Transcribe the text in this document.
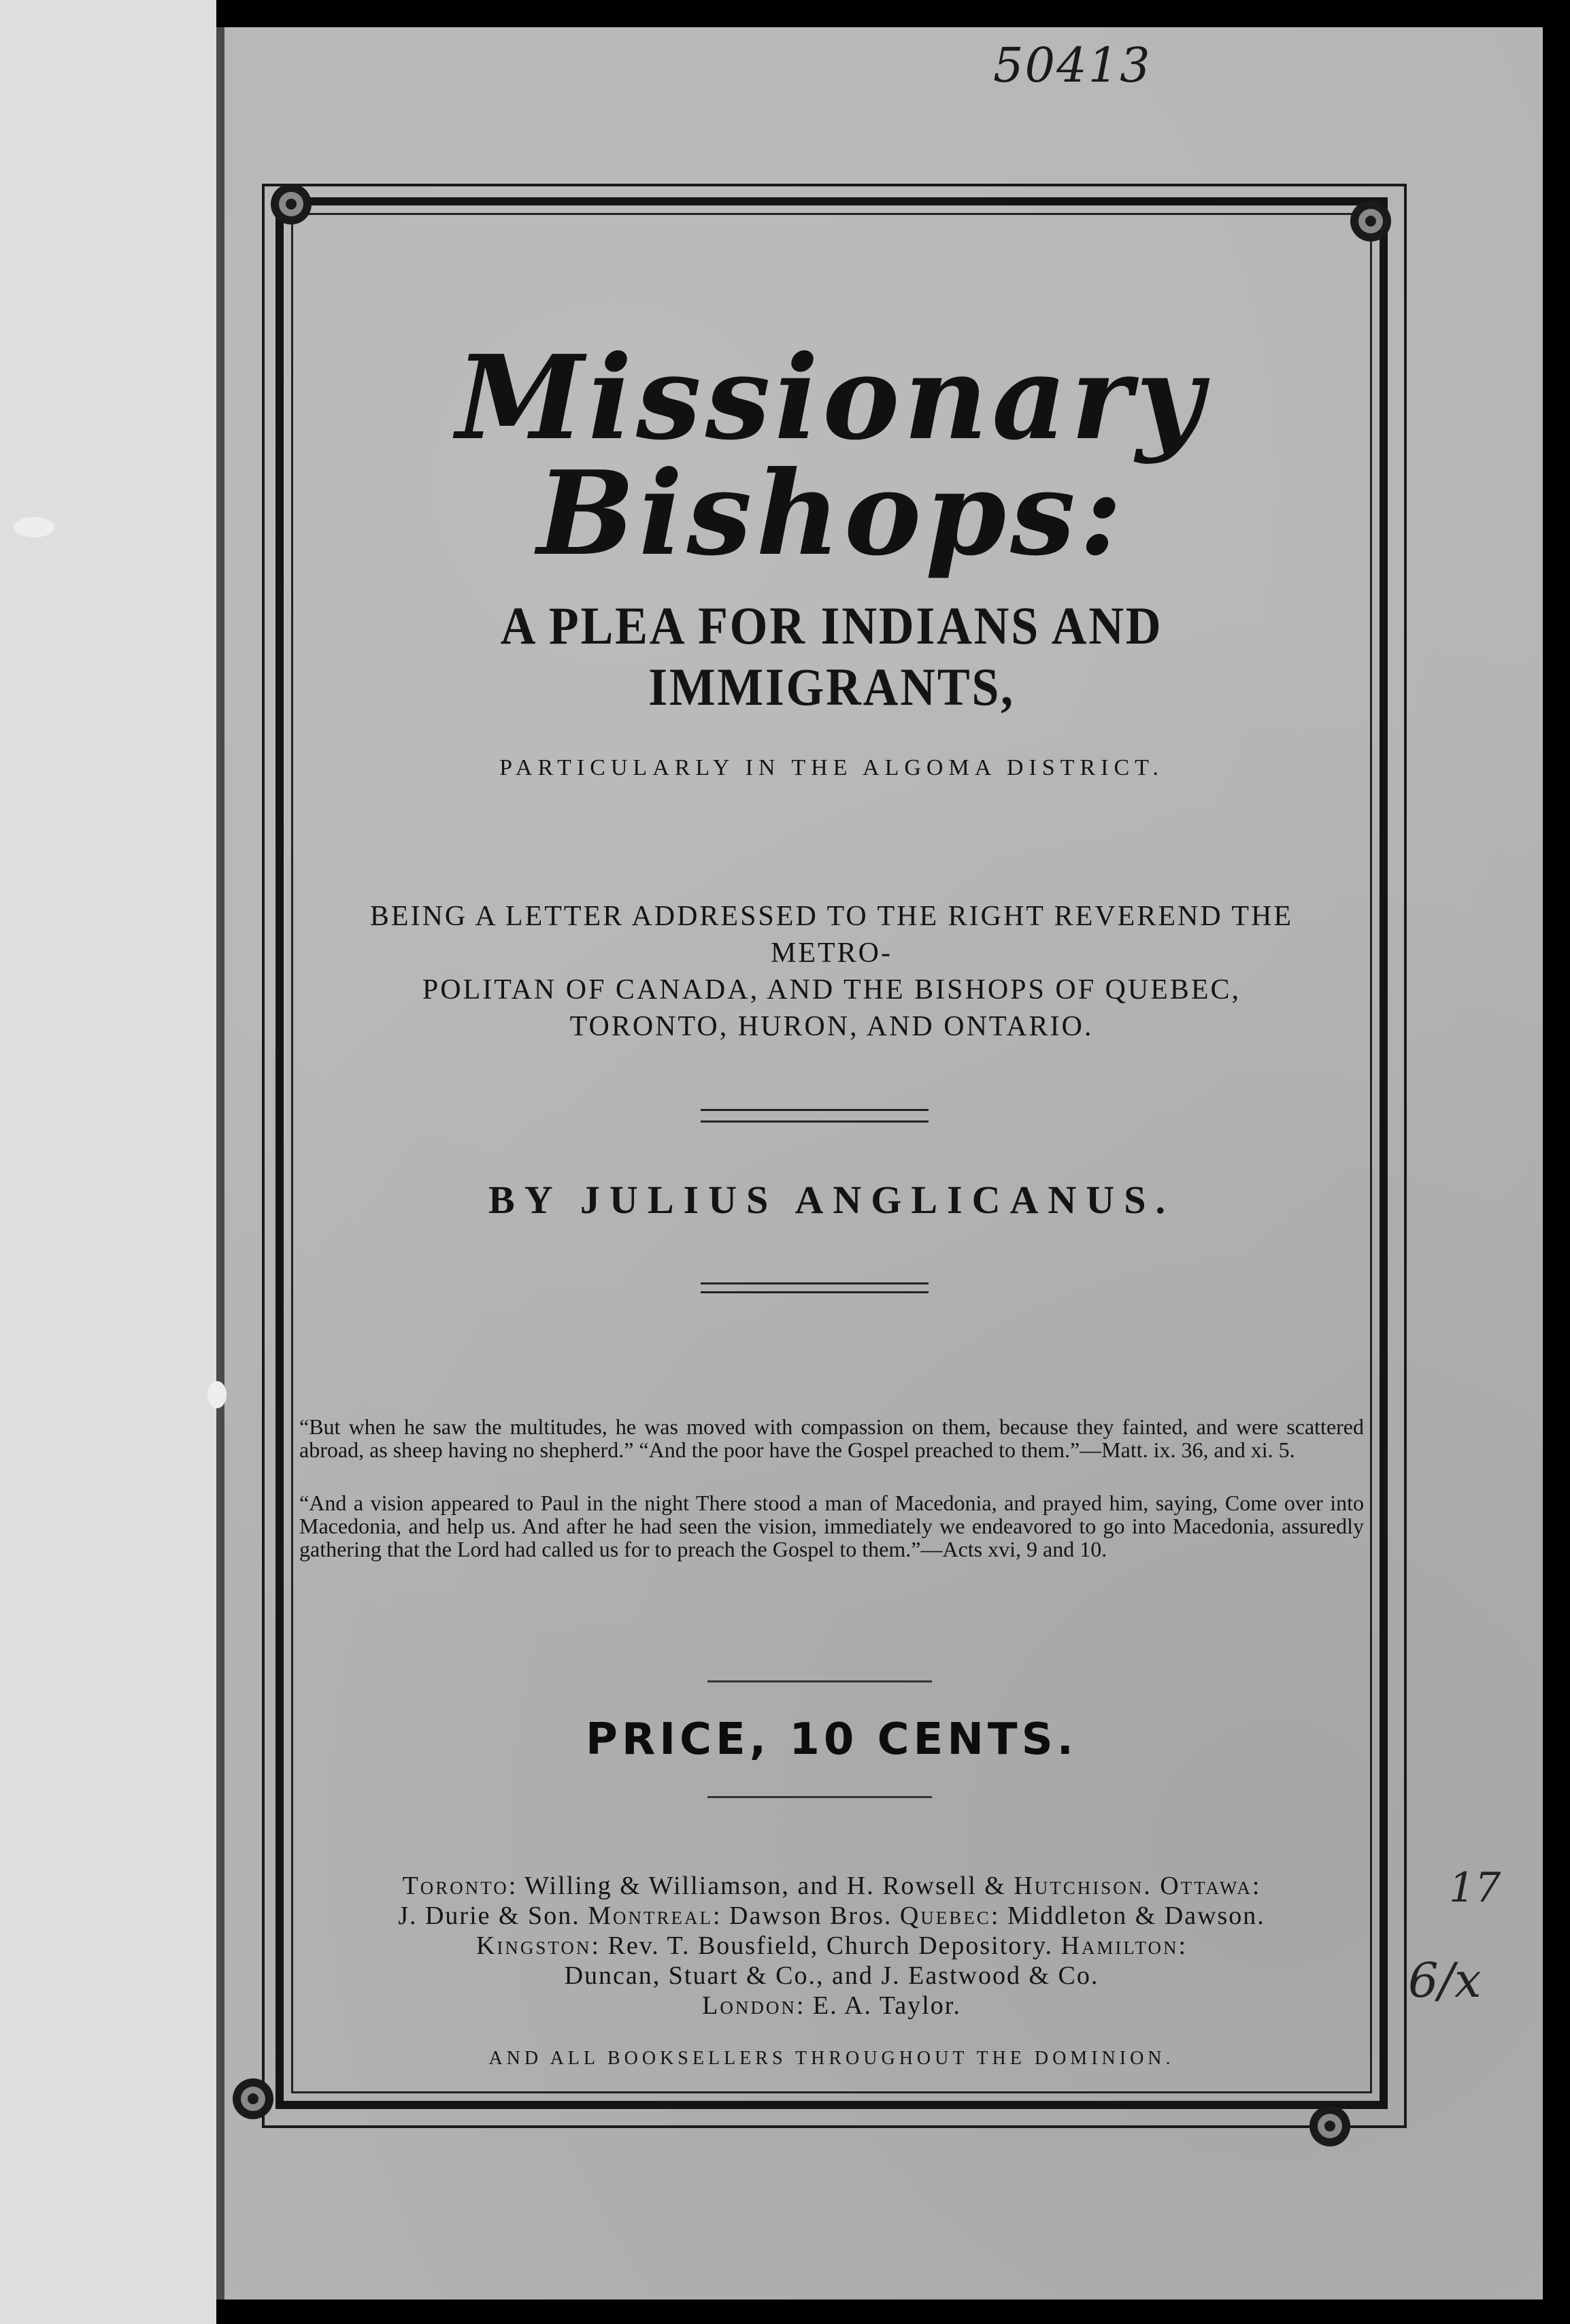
50413
Missionary Bishops:
A PLEA FOR INDIANS AND IMMIGRANTS,
PARTICULARLY IN THE ALGOMA DISTRICT.
BEING A LETTER ADDRESSED TO THE RIGHT REVEREND THE METRO-
POLITAN OF CANADA, AND THE BISHOPS OF QUEBEC,
TORONTO, HURON, AND ONTARIO.
BY JULIUS ANGLICANUS.
“But when he saw the multitudes, he was moved with compassion on them, because they fainted, and were scattered abroad, as sheep having no shepherd.” “And the poor have the Gospel preached to them.”—Matt. ix. 36, and xi. 5.
“And a vision appeared to Paul in the night There stood a man of Macedonia, and prayed him, saying, Come over into Macedonia, and help us. And after he had seen the vision, immediately we endeavored to go into Macedonia, assuredly gathering that the Lord had called us for to preach the Gospel to them.”—Acts xvi, 9 and 10.
PRICE, 10 CENTS.
Toronto: Willing & Williamson, and H. Rowsell & Hutchison. Ottawa:
J. Durie & Son. Montreal: Dawson Bros. Quebec: Middleton & Dawson.
Kingston: Rev. T. Bousfield, Church Depository. Hamilton:
Duncan, Stuart & Co., and J. Eastwood & Co.
London: E. A. Taylor.
AND ALL BOOKSELLERS THROUGHOUT THE DOMINION.
17
6/x
